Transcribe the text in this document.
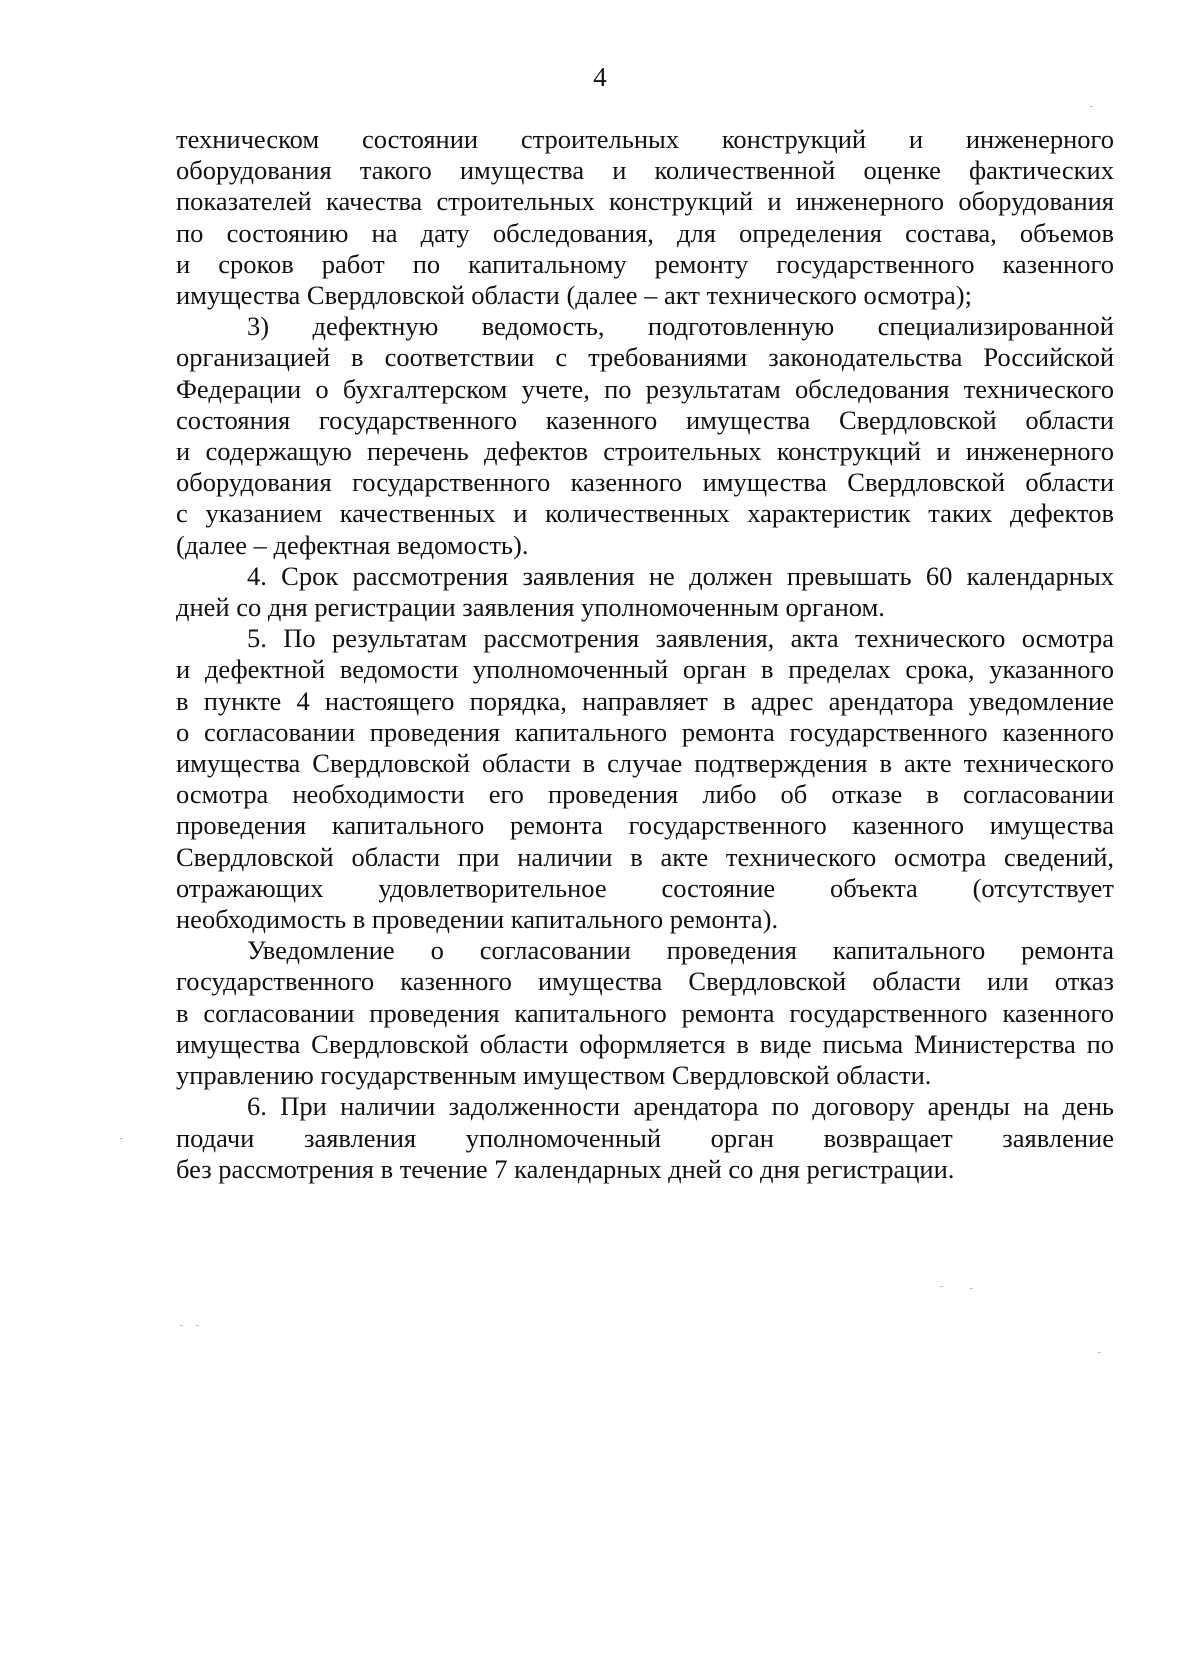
4
техническом состоянии строительных конструкций и инженерного
оборудования такого имущества и количественной оценке фактических
показателей качества строительных конструкций и инженерного оборудования
по состоянию на дату обследования, для определения состава, объемов
и сроков работ по капитальному ремонту государственного казенного
имущества Свердловской области (далее – акт технического осмотра);
3) дефектную ведомость, подготовленную специализированной
организацией в соответствии с требованиями законодательства Российской
Федерации о бухгалтерском учете, по результатам обследования технического
состояния государственного казенного имущества Свердловской области
и содержащую перечень дефектов строительных конструкций и инженерного
оборудования государственного казенного имущества Свердловской области
с указанием качественных и количественных характеристик таких дефектов
(далее – дефектная ведомость).
4. Срок рассмотрения заявления не должен превышать 60 календарных
дней со дня регистрации заявления уполномоченным органом.
5. По результатам рассмотрения заявления, акта технического осмотра
и дефектной ведомости уполномоченный орган в пределах срока, указанного
в пункте 4 настоящего порядка, направляет в адрес арендатора уведомление
о согласовании проведения капитального ремонта государственного казенного
имущества Свердловской области в случае подтверждения в акте технического
осмотра необходимости его проведения либо об отказе в согласовании
проведения капитального ремонта государственного казенного имущества
Свердловской области при наличии в акте технического осмотра сведений,
отражающих удовлетворительное состояние объекта (отсутствует
необходимость в проведении капитального ремонта).
Уведомление о согласовании проведения капитального ремонта
государственного казенного имущества Свердловской области или отказ
в согласовании проведения капитального ремонта государственного казенного
имущества Свердловской области оформляется в виде письма Министерства по
управлению государственным имуществом Свердловской области.
6. При наличии задолженности арендатора по договору аренды на день
подачи заявления уполномоченный орган возвращает заявление
без рассмотрения в течение 7 календарных дней со дня регистрации.
